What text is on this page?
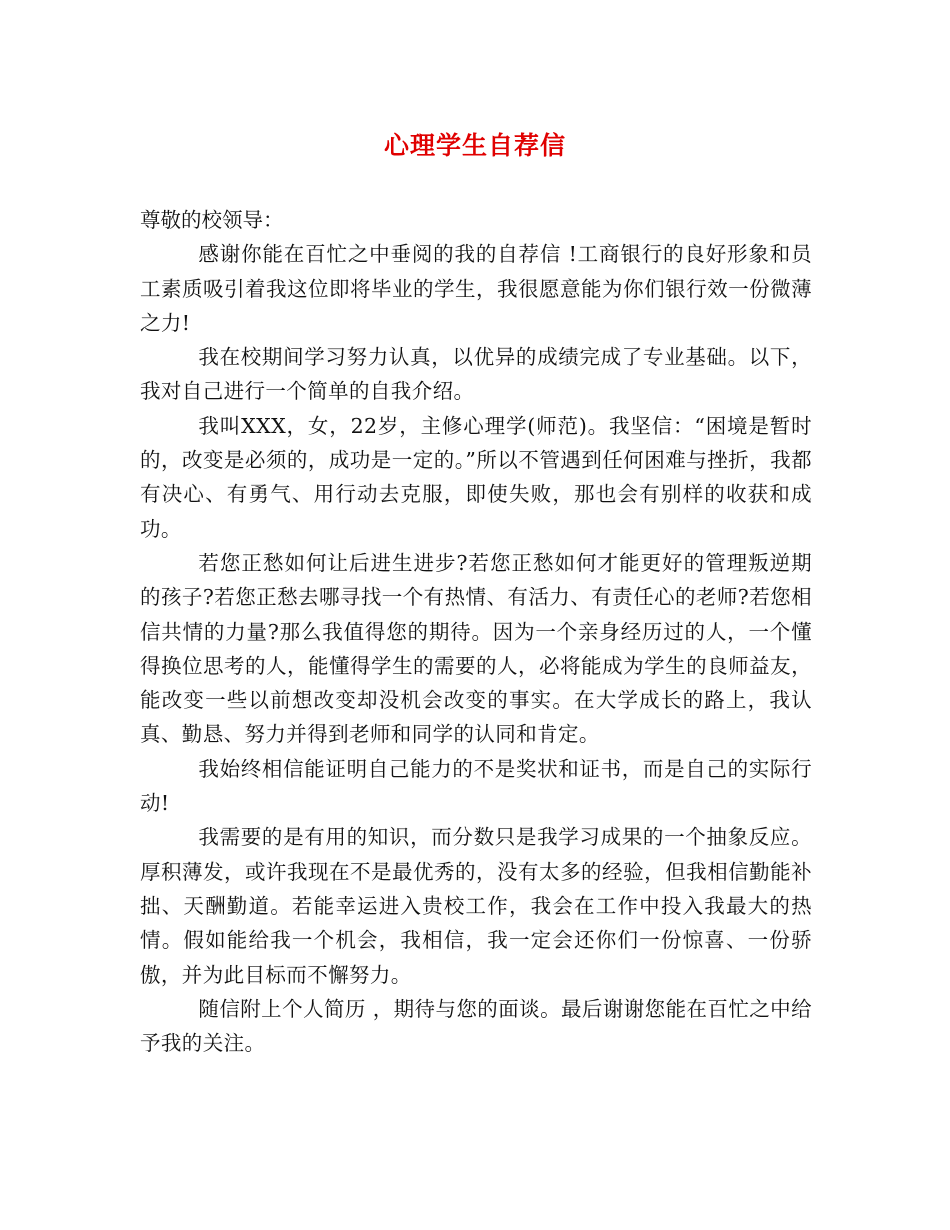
心理学生自荐信

尊敬的校领导：

感谢你能在百忙之中垂阅的我的自荐信 !工商银行的良好形象和员工素质吸引着我这位即将毕业的学生，我很愿意能为你们银行效一份微薄之力!

我在校期间学习努力认真，以优异的成绩完成了专业基础。以下，我对自己进行一个简单的自我介绍。

我叫XXX，女，22岁，主修心理学(师范)。我坚信：“困境是暂时的，改变是必须的，成功是一定的。”所以不管遇到任何困难与挫折，我都有决心、有勇气、用行动去克服，即使失败，那也会有别样的收获和成功。

若您正愁如何让后进生进步?若您正愁如何才能更好的管理叛逆期的孩子?若您正愁去哪寻找一个有热情、有活力、有责任心的老师?若您相信共情的力量?那么我值得您的期待。因为一个亲身经历过的人，一个懂得换位思考的人，能懂得学生的需要的人，必将能成为学生的良师益友，能改变一些以前想改变却没机会改变的事实。在大学成长的路上，我认真、勤恳、努力并得到老师和同学的认同和肯定。

我始终相信能证明自己能力的不是奖状和证书，而是自己的实际行动!

我需要的是有用的知识，而分数只是我学习成果的一个抽象反应。厚积薄发，或许我现在不是最优秀的，没有太多的经验，但我相信勤能补拙、天酬勤道。若能幸运进入贵校工作，我会在工作中投入我最大的热情。假如能给我一个机会，我相信，我一定会还你们一份惊喜、一份骄傲，并为此目标而不懈努力。

随信附上个人简历 ，期待与您的面谈。最后谢谢您能在百忙之中给予我的关注。
